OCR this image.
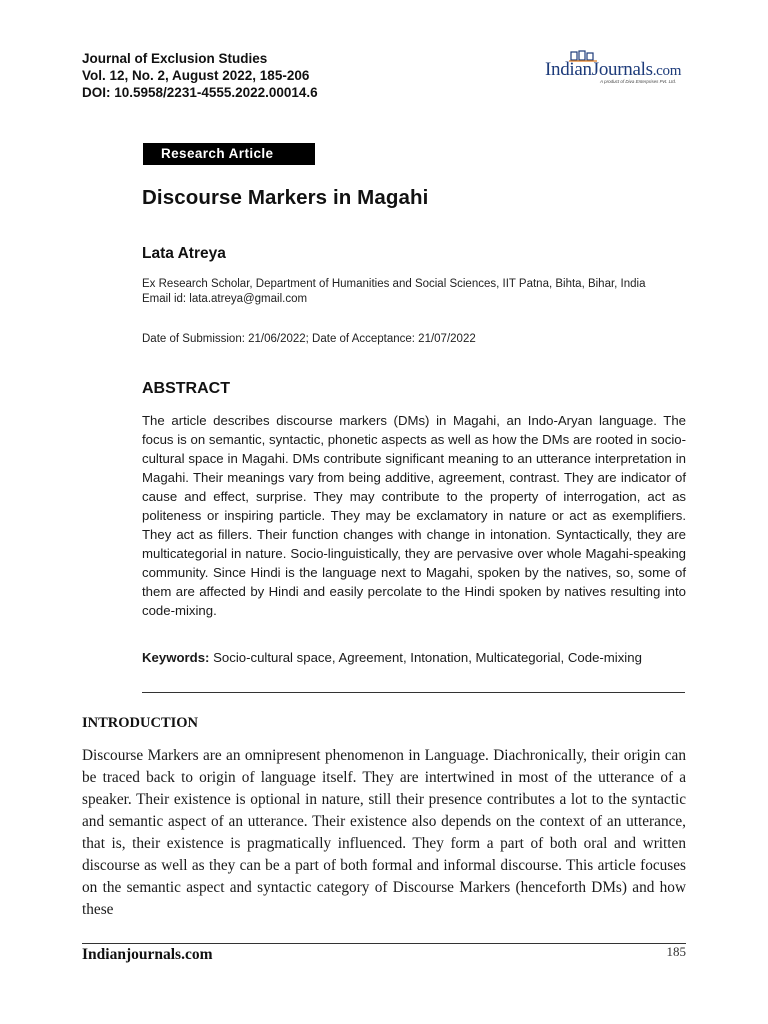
Journal of Exclusion Studies
Vol. 12, No. 2, August 2022, 185-206
DOI: 10.5958/2231-4555.2022.00014.6
IndianJournals.com
A product of Diva Enterprises Pvt. Ltd.
Research Article
Discourse Markers in Magahi
Lata Atreya
Ex Research Scholar, Department of Humanities and Social Sciences, IIT Patna, Bihta, Bihar, India
Email id: lata.atreya@gmail.com
Date of Submission: 21/06/2022; Date of Acceptance: 21/07/2022
ABSTRACT
The article describes discourse markers (DMs) in Magahi, an Indo-Aryan language. The focus is on semantic, syntactic, phonetic aspects as well as how the DMs are rooted in socio-cultural space in Magahi. DMs contribute significant meaning to an utterance interpretation in Magahi. Their meanings vary from being additive, agreement, contrast. They are indicator of cause and effect, surprise. They may contribute to the property of interrogation, act as politeness or inspiring particle. They may be exclamatory in nature or act as exemplifiers. They act as fillers. Their function changes with change in intonation. Syntactically, they are multicategorial in nature. Socio-linguistically, they are pervasive over whole Magahi-speaking community. Since Hindi is the language next to Magahi, spoken by the natives, so, some of them are affected by Hindi and easily percolate to the Hindi spoken by natives resulting into code-mixing.
Keywords: Socio-cultural space, Agreement, Intonation, Multicategorial, Code-mixing
INTRODUCTION
Discourse Markers are an omnipresent phenomenon in Language. Diachronically, their origin can be traced back to origin of language itself. They are intertwined in most of the utterance of a speaker. Their existence is optional in nature, still their presence contributes a lot to the syntactic and semantic aspect of an utterance. Their existence also depends on the context of an utterance, that is, their existence is pragmatically influenced. They form a part of both oral and written discourse as well as they can be a part of both formal and informal discourse. This article focuses on the semantic aspect and syntactic category of Discourse Markers (henceforth DMs) and how these
Indianjournals.com	185
